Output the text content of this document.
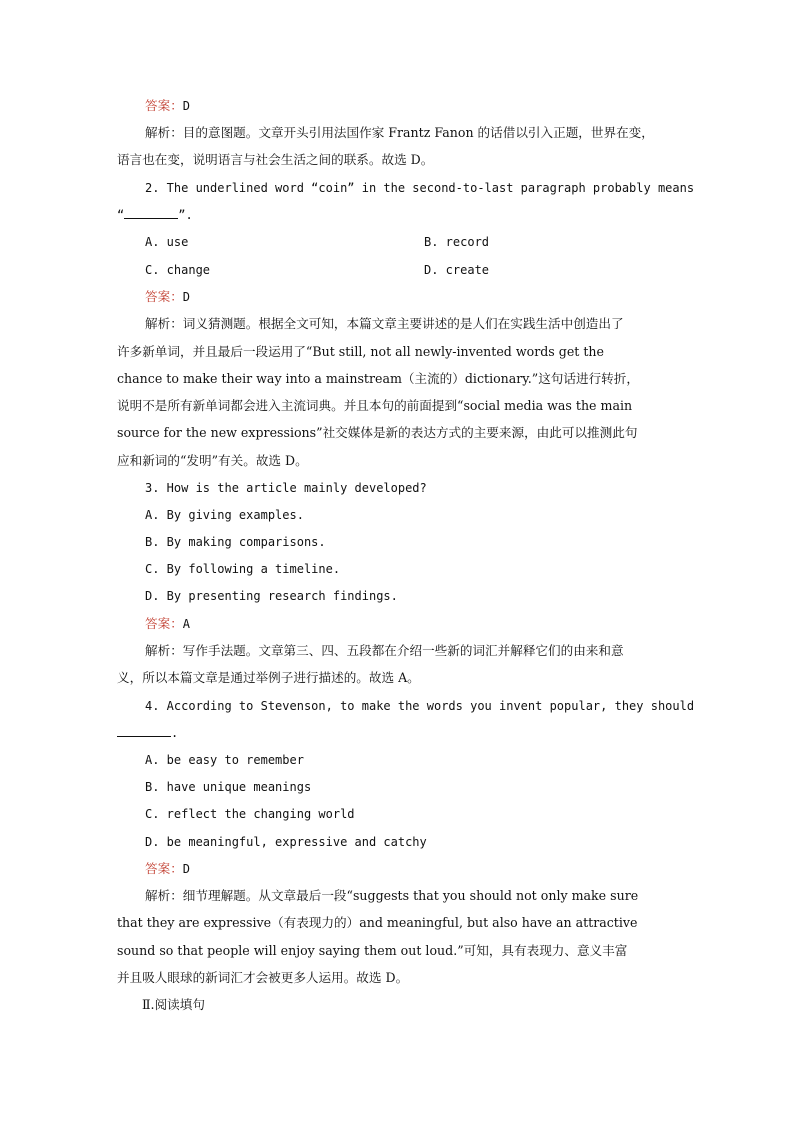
答案：D
解析：目的意图题。文章开头引用法国作家 Frantz Fanon 的话借以引入正题，世界在变，
语言也在变，说明语言与社会生活之间的联系。故选 D。
2. The underlined word “coin” in the second-to-last paragraph probably means
“	”.
A. use	B. record
C. change	D. create
答案：D
解析：词义猜测题。根据全文可知，本篇文章主要讲述的是人们在实践生活中创造出了
许多新单词，并且最后一段运用了“But still, not all newly-invented words get the
chance to make their way into a mainstream（主流的）dictionary.”这句话进行转折，
说明不是所有新单词都会进入主流词典。并且本句的前面提到“social media was the main
source for the new expressions”社交媒体是新的表达方式的主要来源，由此可以推测此句
应和新词的“发明”有关。故选 D。
3. How is the article mainly developed?
A. By giving examples.
B. By making comparisons.
C. By following a timeline.
D. By presenting research findings.
答案：A
解析：写作手法题。文章第三、四、五段都在介绍一些新的词汇并解释它们的由来和意
义，所以本篇文章是通过举例子进行描述的。故选 A。
4. According to Stevenson, to make the words you invent popular, they should
.
A. be easy to remember
B. have unique meanings
C. reflect the changing world
D. be meaningful, expressive and catchy
答案：D
解析：细节理解题。从文章最后一段“suggests that you should not only make sure
that they are expressive（有表现力的）and meaningful, but also have an attractive
sound so that people will enjoy saying them out loud.”可知，具有表现力、意义丰富
并且吸人眼球的新词汇才会被更多人运用。故选 D。
Ⅱ.阅读填句
